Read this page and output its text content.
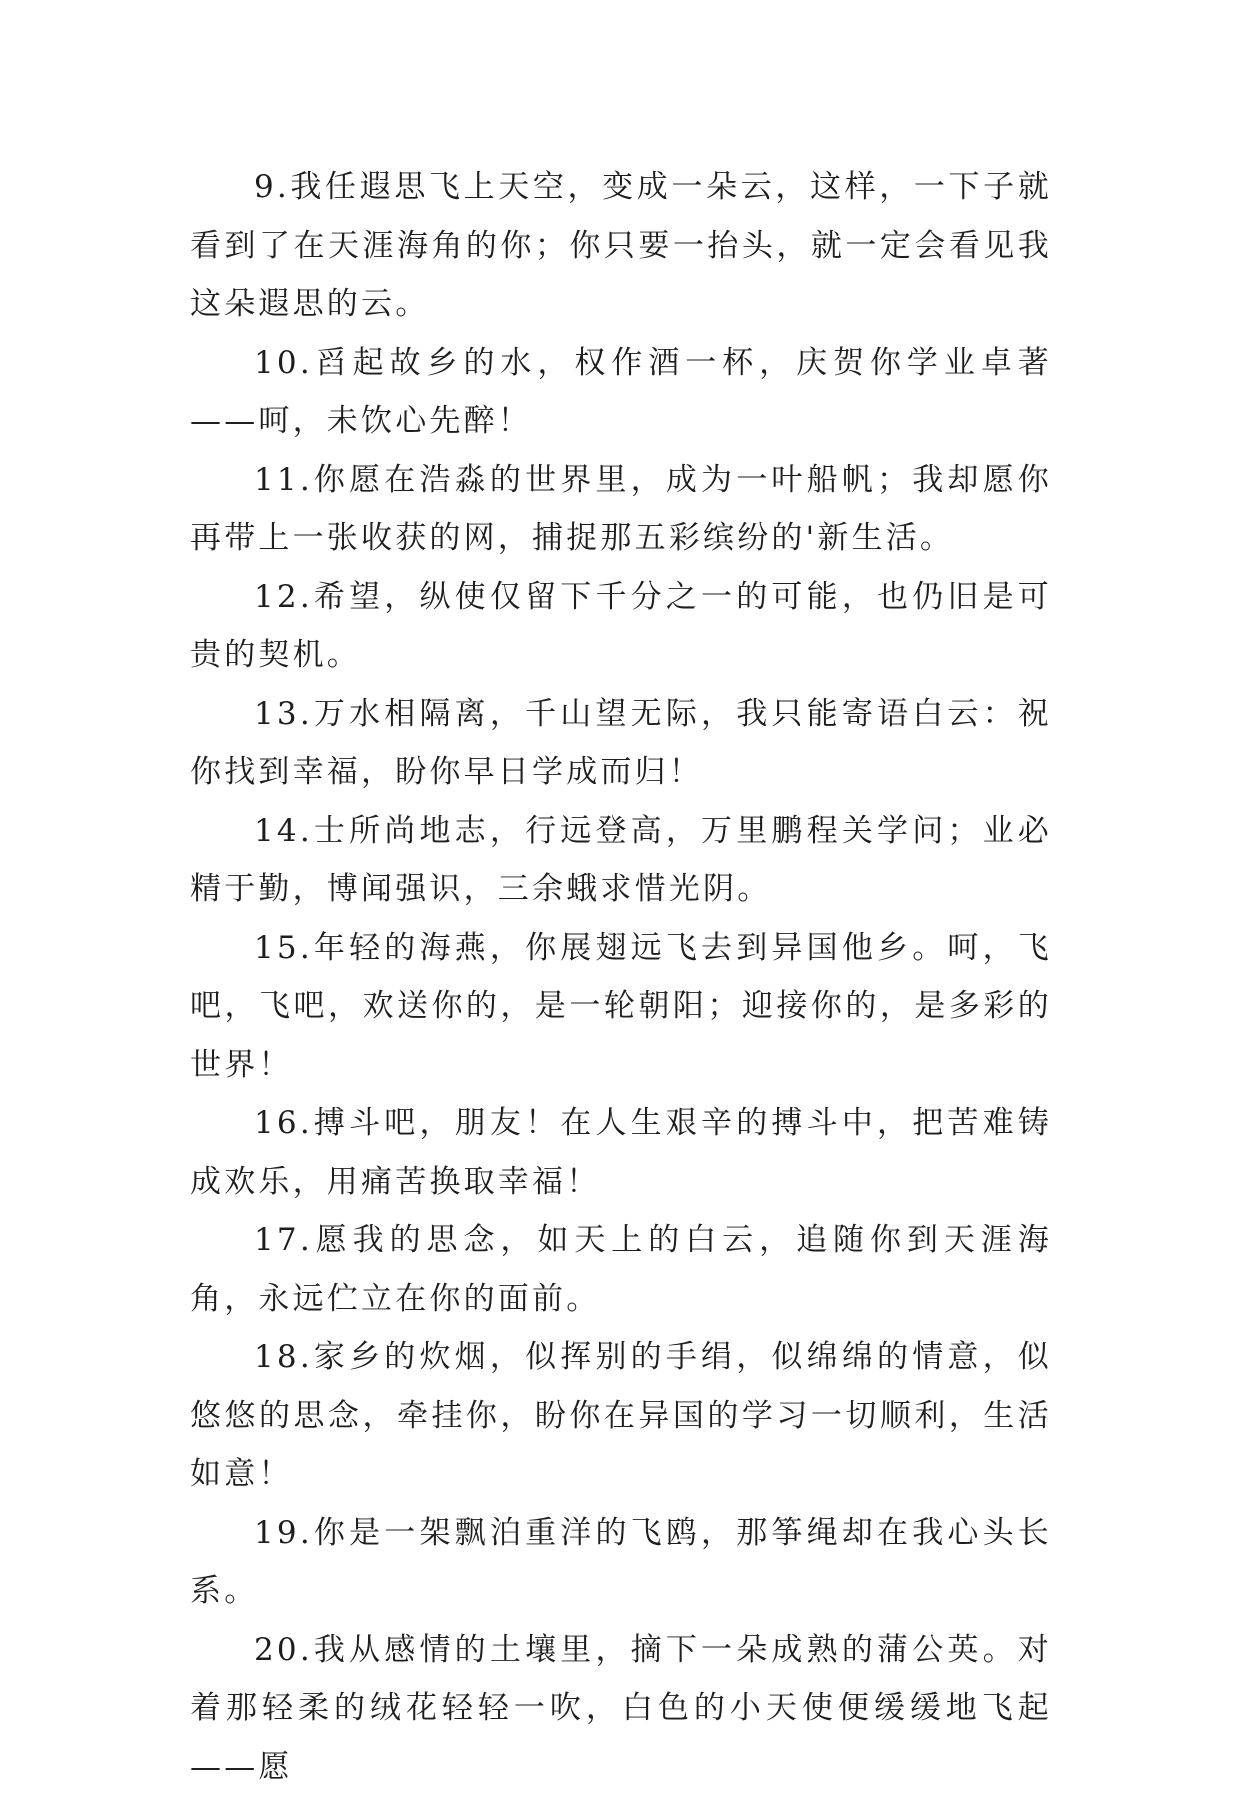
9.我任遐思飞上天空，变成一朵云，这样，一下子就看到了在天涯海角的你；你只要一抬头，就一定会看见我这朵遐思的云。

10.舀起故乡的水，权作酒一杯，庆贺你学业卓著——呵，未饮心先醉！

11.你愿在浩淼的世界里，成为一叶船帆；我却愿你再带上一张收获的网，捕捉那五彩缤纷的'新生活。

12.希望，纵使仅留下千分之一的可能，也仍旧是可贵的契机。

13.万水相隔离，千山望无际，我只能寄语白云：祝你找到幸福，盼你早日学成而归！

14.士所尚地志，行远登高，万里鹏程关学问；业必精于勤，博闻强识，三余蛾求惜光阴。

15.年轻的海燕，你展翅远飞去到异国他乡。呵，飞吧，飞吧，欢送你的，是一轮朝阳；迎接你的，是多彩的世界！

16.搏斗吧，朋友！在人生艰辛的搏斗中，把苦难铸成欢乐，用痛苦换取幸福！

17.愿我的思念，如天上的白云，追随你到天涯海角，永远伫立在你的面前。

18.家乡的炊烟，似挥别的手绢，似绵绵的情意，似悠悠的思念，牵挂你，盼你在异国的学习一切顺利，生活如意！

19.你是一架飘泊重洋的飞鸥，那筝绳却在我心头长系。

20.我从感情的土壤里，摘下一朵成熟的蒲公英。对着那轻柔的绒花轻轻一吹，白色的小天使便缓缓地飞起——愿
